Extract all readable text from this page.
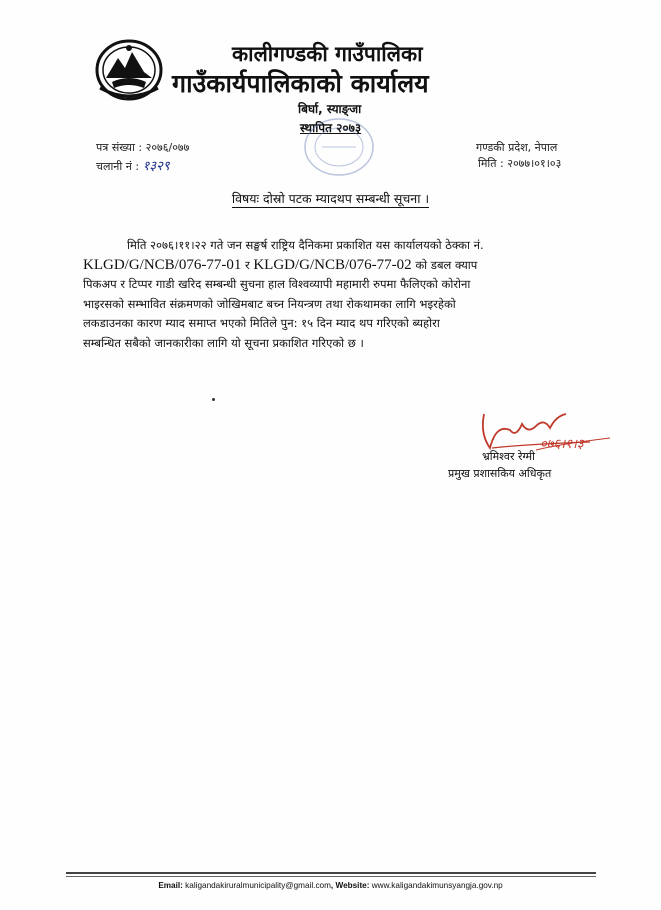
कालीगण्डकी गाउँपालिका
गाउँकार्यपालिकाको कार्यालय
बिर्घा, स्याङ्जा
स्थापित २०७३
पत्र संख्या : २०७६/०७७
चलानी नं : १३२९
गण्डकी प्रदेश, नेपाल
मिति : २०७७।०१।०३
विषयः दोस्रो पटक म्यादथप सम्बन्धी सूचना ।

मिति २०७६।११।२२ गते जन सङ्घर्ष राष्ट्रिय दैनिकमा प्रकाशित यस कार्यालयको ठेक्का नं.

KLGD/G/NCB/076-77-01 र KLGD/G/NCB/076-77-02 को डबल क्याप

पिकअप र टिप्पर गाडी खरिद सम्बन्धी सुचना हाल विश्वव्यापी महामारी रुपमा फैलिएको कोरोना

भाइरसको सम्भावित संक्रमणको जोखिमबाट बच्न नियन्त्रण तथा रोकथामका लागि भइरहेको

लकडाउनका कारण म्याद समाप्त भएको मितिले पुन: १५ दिन म्याद थप गरिएको ब्यहोरा

सम्बन्धित सबैको जानकारीका लागि यो सूचना प्रकाशित गरिएको छ ।

०७६।१।३
भ्रमिश्वर रेग्मी
प्रमुख प्रशासकिय अधिकृत
Email: kaligandakiruralmunicipality@gmail.com, Website: www.kaligandakimunsyangja.gov.np
